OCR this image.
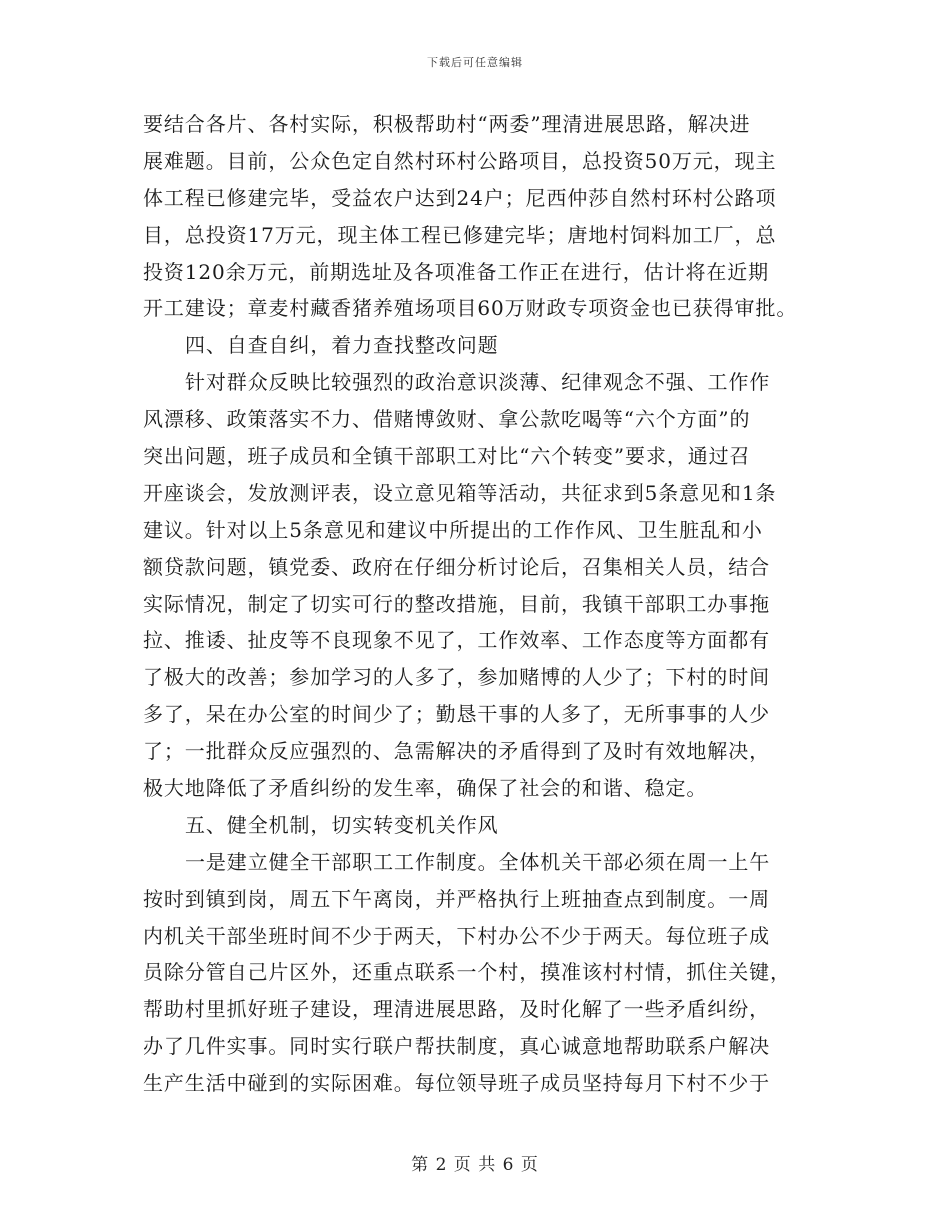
下载后可任意编辑
要结合各片、各村实际，积极帮助村“两委”理清进展思路，解决进
展难题。目前，公众色定自然村环村公路项目，总投资50万元，现主
体工程已修建完毕，受益农户达到24户；尼西仲莎自然村环村公路项
目，总投资17万元，现主体工程已修建完毕；唐地村饲料加工厂，总
投资120余万元，前期选址及各项准备工作正在进行，估计将在近期
开工建设；章麦村藏香猪养殖场项目60万财政专项资金也已获得审批。
四、自查自纠，着力查找整改问题
针对群众反映比较强烈的政治意识淡薄、纪律观念不强、工作作
风漂移、政策落实不力、借赌博敛财、拿公款吃喝等“六个方面”的
突出问题，班子成员和全镇干部职工对比“六个转变”要求，通过召
开座谈会，发放测评表，设立意见箱等活动，共征求到5条意见和1条
建议。针对以上5条意见和建议中所提出的工作作风、卫生脏乱和小
额贷款问题，镇党委、政府在仔细分析讨论后，召集相关人员，结合
实际情况，制定了切实可行的整改措施，目前，我镇干部职工办事拖
拉、推诿、扯皮等不良现象不见了，工作效率、工作态度等方面都有
了极大的改善；参加学习的人多了，参加赌博的人少了；下村的时间
多了，呆在办公室的时间少了；勤恳干事的人多了，无所事事的人少
了；一批群众反应强烈的、急需解决的矛盾得到了及时有效地解决，
极大地降低了矛盾纠纷的发生率，确保了社会的和谐、稳定。
五、健全机制，切实转变机关作风
一是建立健全干部职工工作制度。全体机关干部必须在周一上午
按时到镇到岗，周五下午离岗，并严格执行上班抽查点到制度。一周
内机关干部坐班时间不少于两天，下村办公不少于两天。每位班子成
员除分管自己片区外，还重点联系一个村，摸准该村村情，抓住关键，
帮助村里抓好班子建设，理清进展思路，及时化解了一些矛盾纠纷，
办了几件实事。同时实行联户帮扶制度，真心诚意地帮助联系户解决
生产生活中碰到的实际困难。每位领导班子成员坚持每月下村不少于
第 2 页 共 6 页
